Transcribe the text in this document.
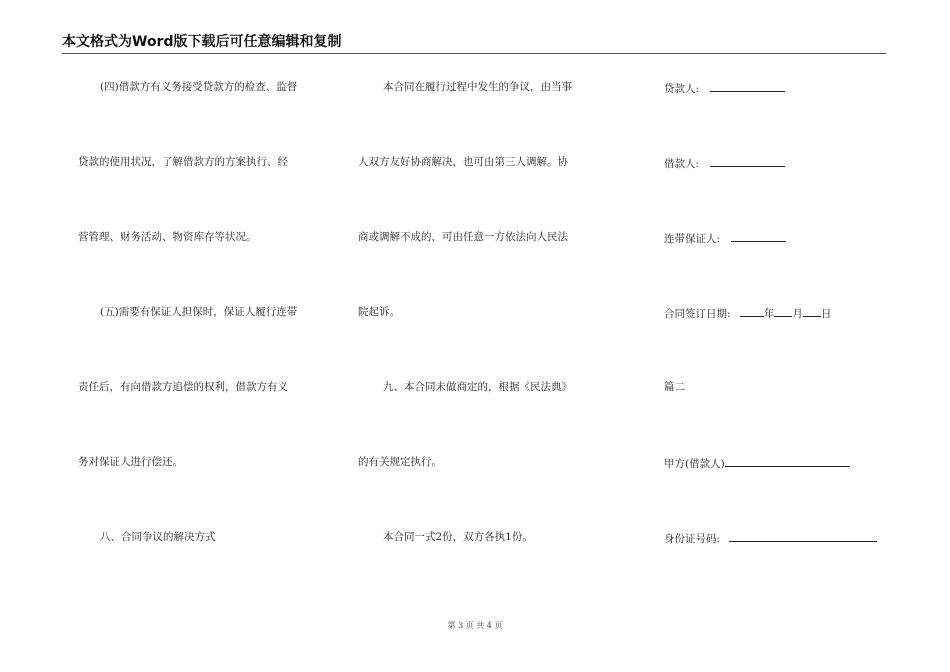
本文格式为Word版下载后可任意编辑和复制
(四)借款方有义务接受贷款方的检查、监督
贷款的使用状况，了解借款方的方案执行、经
营管理、财务活动、物资库存等状况。
(五)需要有保证人担保时，保证人履行连带
责任后，有向借款方追偿的权利，借款方有义
务对保证人进行偿还。
八、合同争议的解决方式
本合同在履行过程中发生的争议，由当事
人双方友好协商解决，也可由第三人调解。协
商或调解不成的，可由任意一方依法向人民法
院起诉。
九、本合同未做商定的，根据《民法典》
的有关规定执行。
本合同一式2份，双方各执1份。
贷款人:
借款人:
连带保证人:
合同签订日期:	年 月 日
篇二
甲方(借款人)
身份证号码:
第 3 页 共 4 页
